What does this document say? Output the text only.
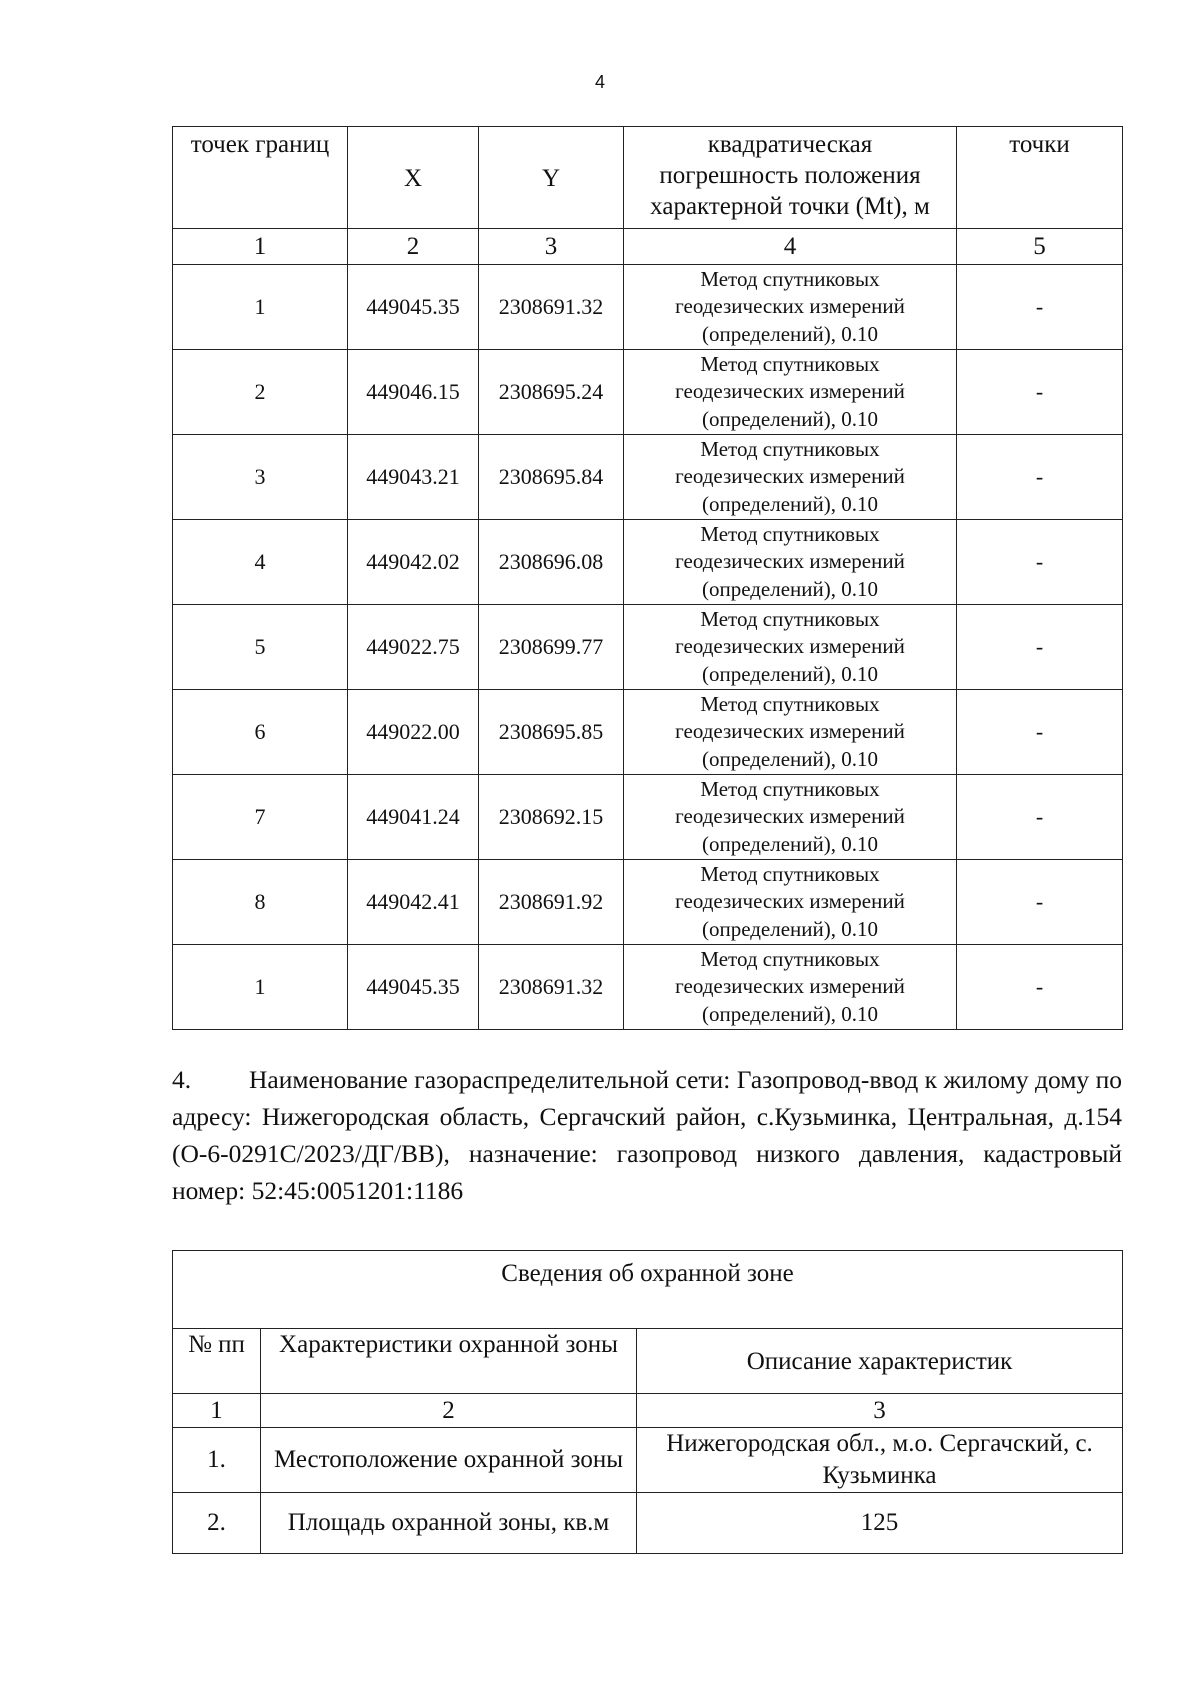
4
точек границ	X	Y	квадратическая
погрешность положения
характерной точки (Mt), м	точки
1	2	3	4	5
1	449045.35	2308691.32	Метод спутниковых
геодезических измерений
(определений), 0.10	-
2	449046.15	2308695.24	Метод спутниковых
геодезических измерений
(определений), 0.10	-
3	449043.21	2308695.84	Метод спутниковых
геодезических измерений
(определений), 0.10	-
4	449042.02	2308696.08	Метод спутниковых
геодезических измерений
(определений), 0.10	-
5	449022.75	2308699.77	Метод спутниковых
геодезических измерений
(определений), 0.10	-
6	449022.00	2308695.85	Метод спутниковых
геодезических измерений
(определений), 0.10	-
7	449041.24	2308692.15	Метод спутниковых
геодезических измерений
(определений), 0.10	-
8	449042.41	2308691.92	Метод спутниковых
геодезических измерений
(определений), 0.10	-
1	449045.35	2308691.32	Метод спутниковых
геодезических измерений
(определений), 0.10	-

4. Наименование газораспределительной сети: Газопровод-ввод к жилому дому по адресу: Нижегородская область, Сергачский район, с.Кузьминка, Центральная, д.154 (О-6-0291С/2023/ДГ/ВВ), назначение: газопровод низкого давления, кадастровый номер: 52:45:0051201:1186

Сведения об охранной зоне		
№ пп	Характеристики охранной зоны	Описание характеристик
1	2	3
1.	Местоположение охранной зоны	Нижегородская обл., м.о. Сергачский, с. Кузьминка
2.	Площадь охранной зоны, кв.м	125
